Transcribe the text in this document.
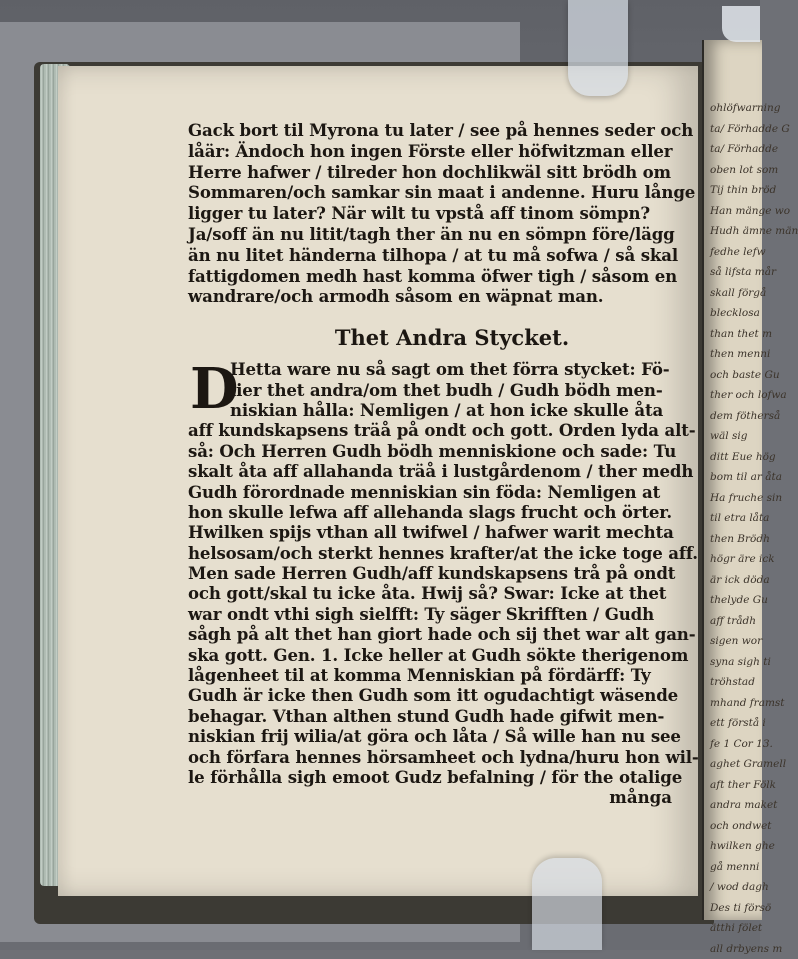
Gack bort til Myrona tu later / see på hennes seder och
låär: Ändoch hon ingen Förste eller höfwitzman eller
Herre hafwer / tilreder hon dochlikwäl sitt brödh om
Sommaren/och samkar sin maat i andenne. Huru långe
ligger tu later? När wilt tu vpstå aff tinom sömpn?
Ja/soff än nu litit/tagh ther än nu en sömpn före/lägg
än nu litet händerna tilhopa / at tu må sofwa / så skal
fattigdomen medh hast komma öfwer tigh / såsom en
wandrare/och armodh såsom en wäpnat man.
Thet Andra Stycket.
D
Hetta ware nu så sagt om thet förra stycket: Fö-
lier thet andra/om thet budh / Gudh bödh men-
niskian hålla: Nemligen / at hon icke skulle åta
aff kundskapsens träå på ondt och gott. Orden lyda alt-
så: Och Herren Gudh bödh menniskione och sade: Tu
skalt åta aff allahanda träå i lustgårdenom / ther medh
Gudh förordnade menniskian sin föda: Nemligen at
hon skulle lefwa aff allehanda slags frucht och örter.
Hwilken spijs vthan all twifwel / hafwer warit mechta
helsosam/och sterkt hennes krafter/at the icke toge aff.
Men sade Herren Gudh/aff kundskapsens trå på ondt
och gott/skal tu icke åta. Hwij så? Swar: Icke at thet
war ondt vthi sigh sielfft: Ty säger Skrifften / Gudh
sågh på alt thet han giort hade och sij thet war alt gan-
ska gott. Gen. 1. Icke heller at Gudh sökte therigenom
lågenheet til at komma Menniskian på fördärff: Ty
Gudh är icke then Gudh som itt ogudachtigt wäsende
behagar. Vthan althen stund Gudh hade gifwit men-
niskian frij wilia/at göra och låta / Så wille han nu see
och förfara hennes hörsamheet och lydna/huru hon wil-
le förhålla sigh emoot Gudz befalning / för the otalige
många
ohlöfwarning
ta/ Förhadde G
ta/ Förhadde
oben lot som
Tij thin bröd
Han mänge wo
Hudh ämne män
fedhe lefw
så lifsta mår
skall förgå
blecklosa
than thet m
then menni
och baste Gu
ther och lofwa
dem fötherså
wäl sig
ditt Eue hög
bom til ar åta
Ha fruche sin
til etra låta
then Brödh
högr äre ick
är ick döda
thelyde Gu
aff trådh
sigen wor
syna sigh ti
tröhstad
mhand framst
ett förstå i
fe 1 Cor 13.
aghet Gramell
aft ther Fölk
andra maket
och ondwet
hwilken ghe
gå menni
/ wod dagh
Des ti försö
ätthi fölet
all drbyens m
